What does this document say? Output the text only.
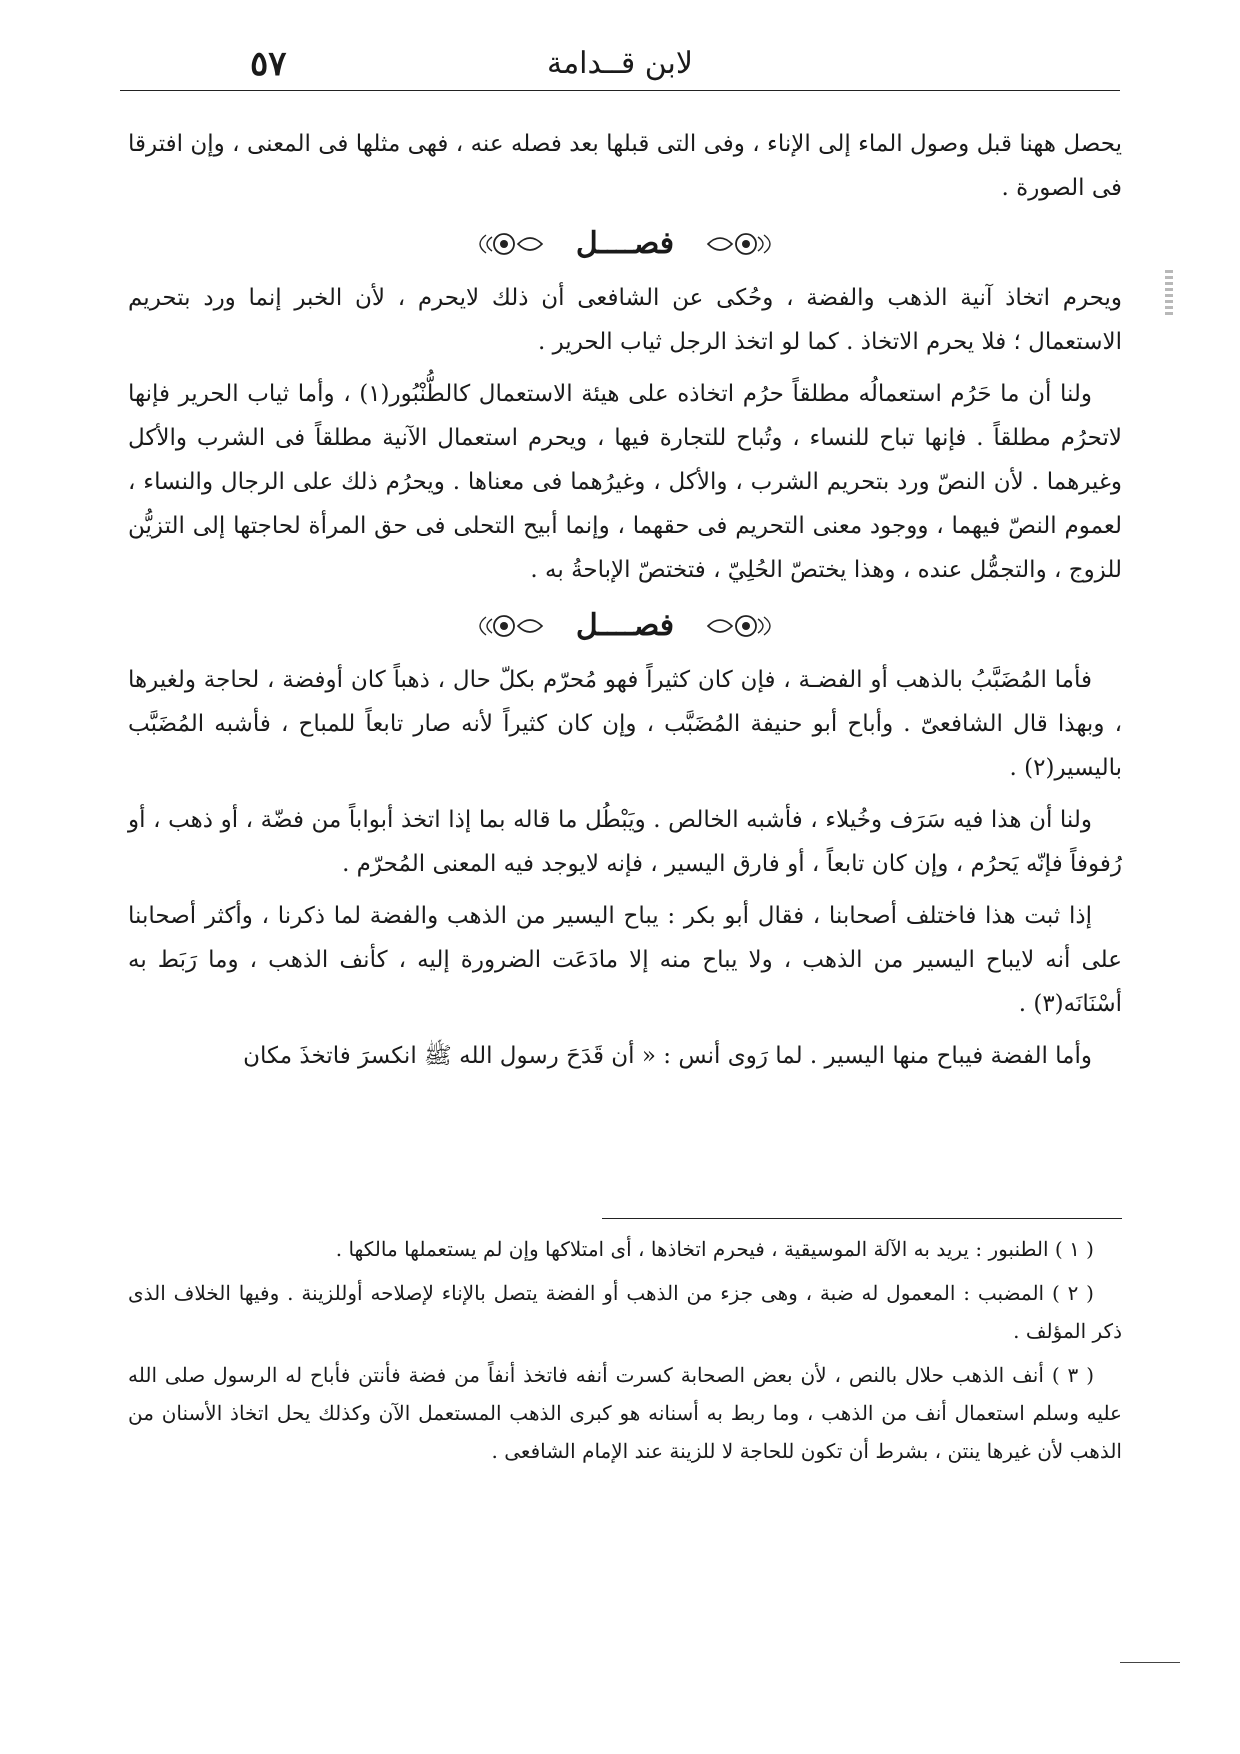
٥٧	لابن قــدامة

يحصل ههنا قبل وصول الماء إلى الإناء ، وفى التى قبلها بعد فصله عنه ، فهى مثلها فى المعنى ، وإن افترقا فى الصورة .

فصــــل

ويحرم اتخاذ آنية الذهب والفضة ، وحُكى عن الشافعى أن ذلك لايحرم ، لأن الخبر إنما ورد بتحريم الاستعمال ؛ فلا يحرم الاتخاذ . كما لو اتخذ الرجل ثياب الحرير .

ولنا أن ما حَرُم استعمالُه مطلقاً حرُم اتخاذه على هيئة الاستعمال كالطُّنْبُور(١) ، وأما ثياب الحرير فإنها لاتحرُم مطلقاً . فإنها تباح للنساء ، وتُباح للتجارة فيها ، ويحرم استعمال الآنية مطلقاً فى الشرب والأكل وغيرهما . لأن النصّ ورد بتحريم الشرب ، والأكل ، وغيرُهما فى معناها . ويحرُم ذلك على الرجال والنساء ، لعموم النصّ فيهما ، ووجود معنى التحريم فى حقهما ، وإنما أبيح التحلى فى حق المرأة لحاجتها إلى التزيُّن للزوج ، والتجمُّل عنده ، وهذا يختصّ الحُلِيّ ، فتختصّ الإباحةُ به .

فصــــل

فأما المُضَبَّبُ بالذهب أو الفضـة ، فإن كان كثيراً فهو مُحرّم بكلّ حال ، ذهباً كان أوفضة ، لحاجة ولغيرها ، وبهذا قال الشافعىّ . وأباح أبو حنيفة المُضَبَّب ، وإن كان كثيراً لأنه صار تابعاً للمباح ، فأشبه المُضَبَّب باليسير(٢) .

ولنا أن هذا فيه سَرَف وخُيلاء ، فأشبه الخالص . ويَبْطُل ما قاله بما إذا اتخذ أبواباً من فضّة ، أو ذهب ، أو رُفوفاً فإنّه يَحرُم ، وإن كان تابعاً ، أو فارق اليسير ، فإنه لايوجد فيه المعنى المُحرّم .

إذا ثبت هذا فاختلف أصحابنا ، فقال أبو بكر : يباح اليسير من الذهب والفضة لما ذكرنا ، وأكثر أصحابنا على أنه لايباح اليسير من الذهب ، ولا يباح منه إلا مادَعَت الضرورة إليه ، كأنف الذهب ، وما رَبَط به أسْنَانَه(٣) .

وأما الفضة فيباح منها اليسير . لما رَوى أنس : « أن قَدَحَ رسول الله ﷺ انكسرَ فاتخذَ مكان

( ١ ) الطنبور : يريد به الآلة الموسيقية ، فيحرم اتخاذها ، أى امتلاكها وإن لم يستعملها مالكها .

( ٢ ) المضبب : المعمول له ضبة ، وهى جزء من الذهب أو الفضة يتصل بالإناء لإصلاحه أوللزينة . وفيها الخلاف الذى ذكر المؤلف .

( ٣ ) أنف الذهب حلال بالنص ، لأن بعض الصحابة كسرت أنفه فاتخذ أنفاً من فضة فأنتن فأباح له الرسول صلى الله عليه وسلم استعمال أنف من الذهب ، وما ربط به أسنانه هو كبرى الذهب المستعمل الآن وكذلك يحل اتخاذ الأسنان من الذهب لأن غيرها ينتن ، بشرط أن تكون للحاجة لا للزينة عند الإمام الشافعى .
